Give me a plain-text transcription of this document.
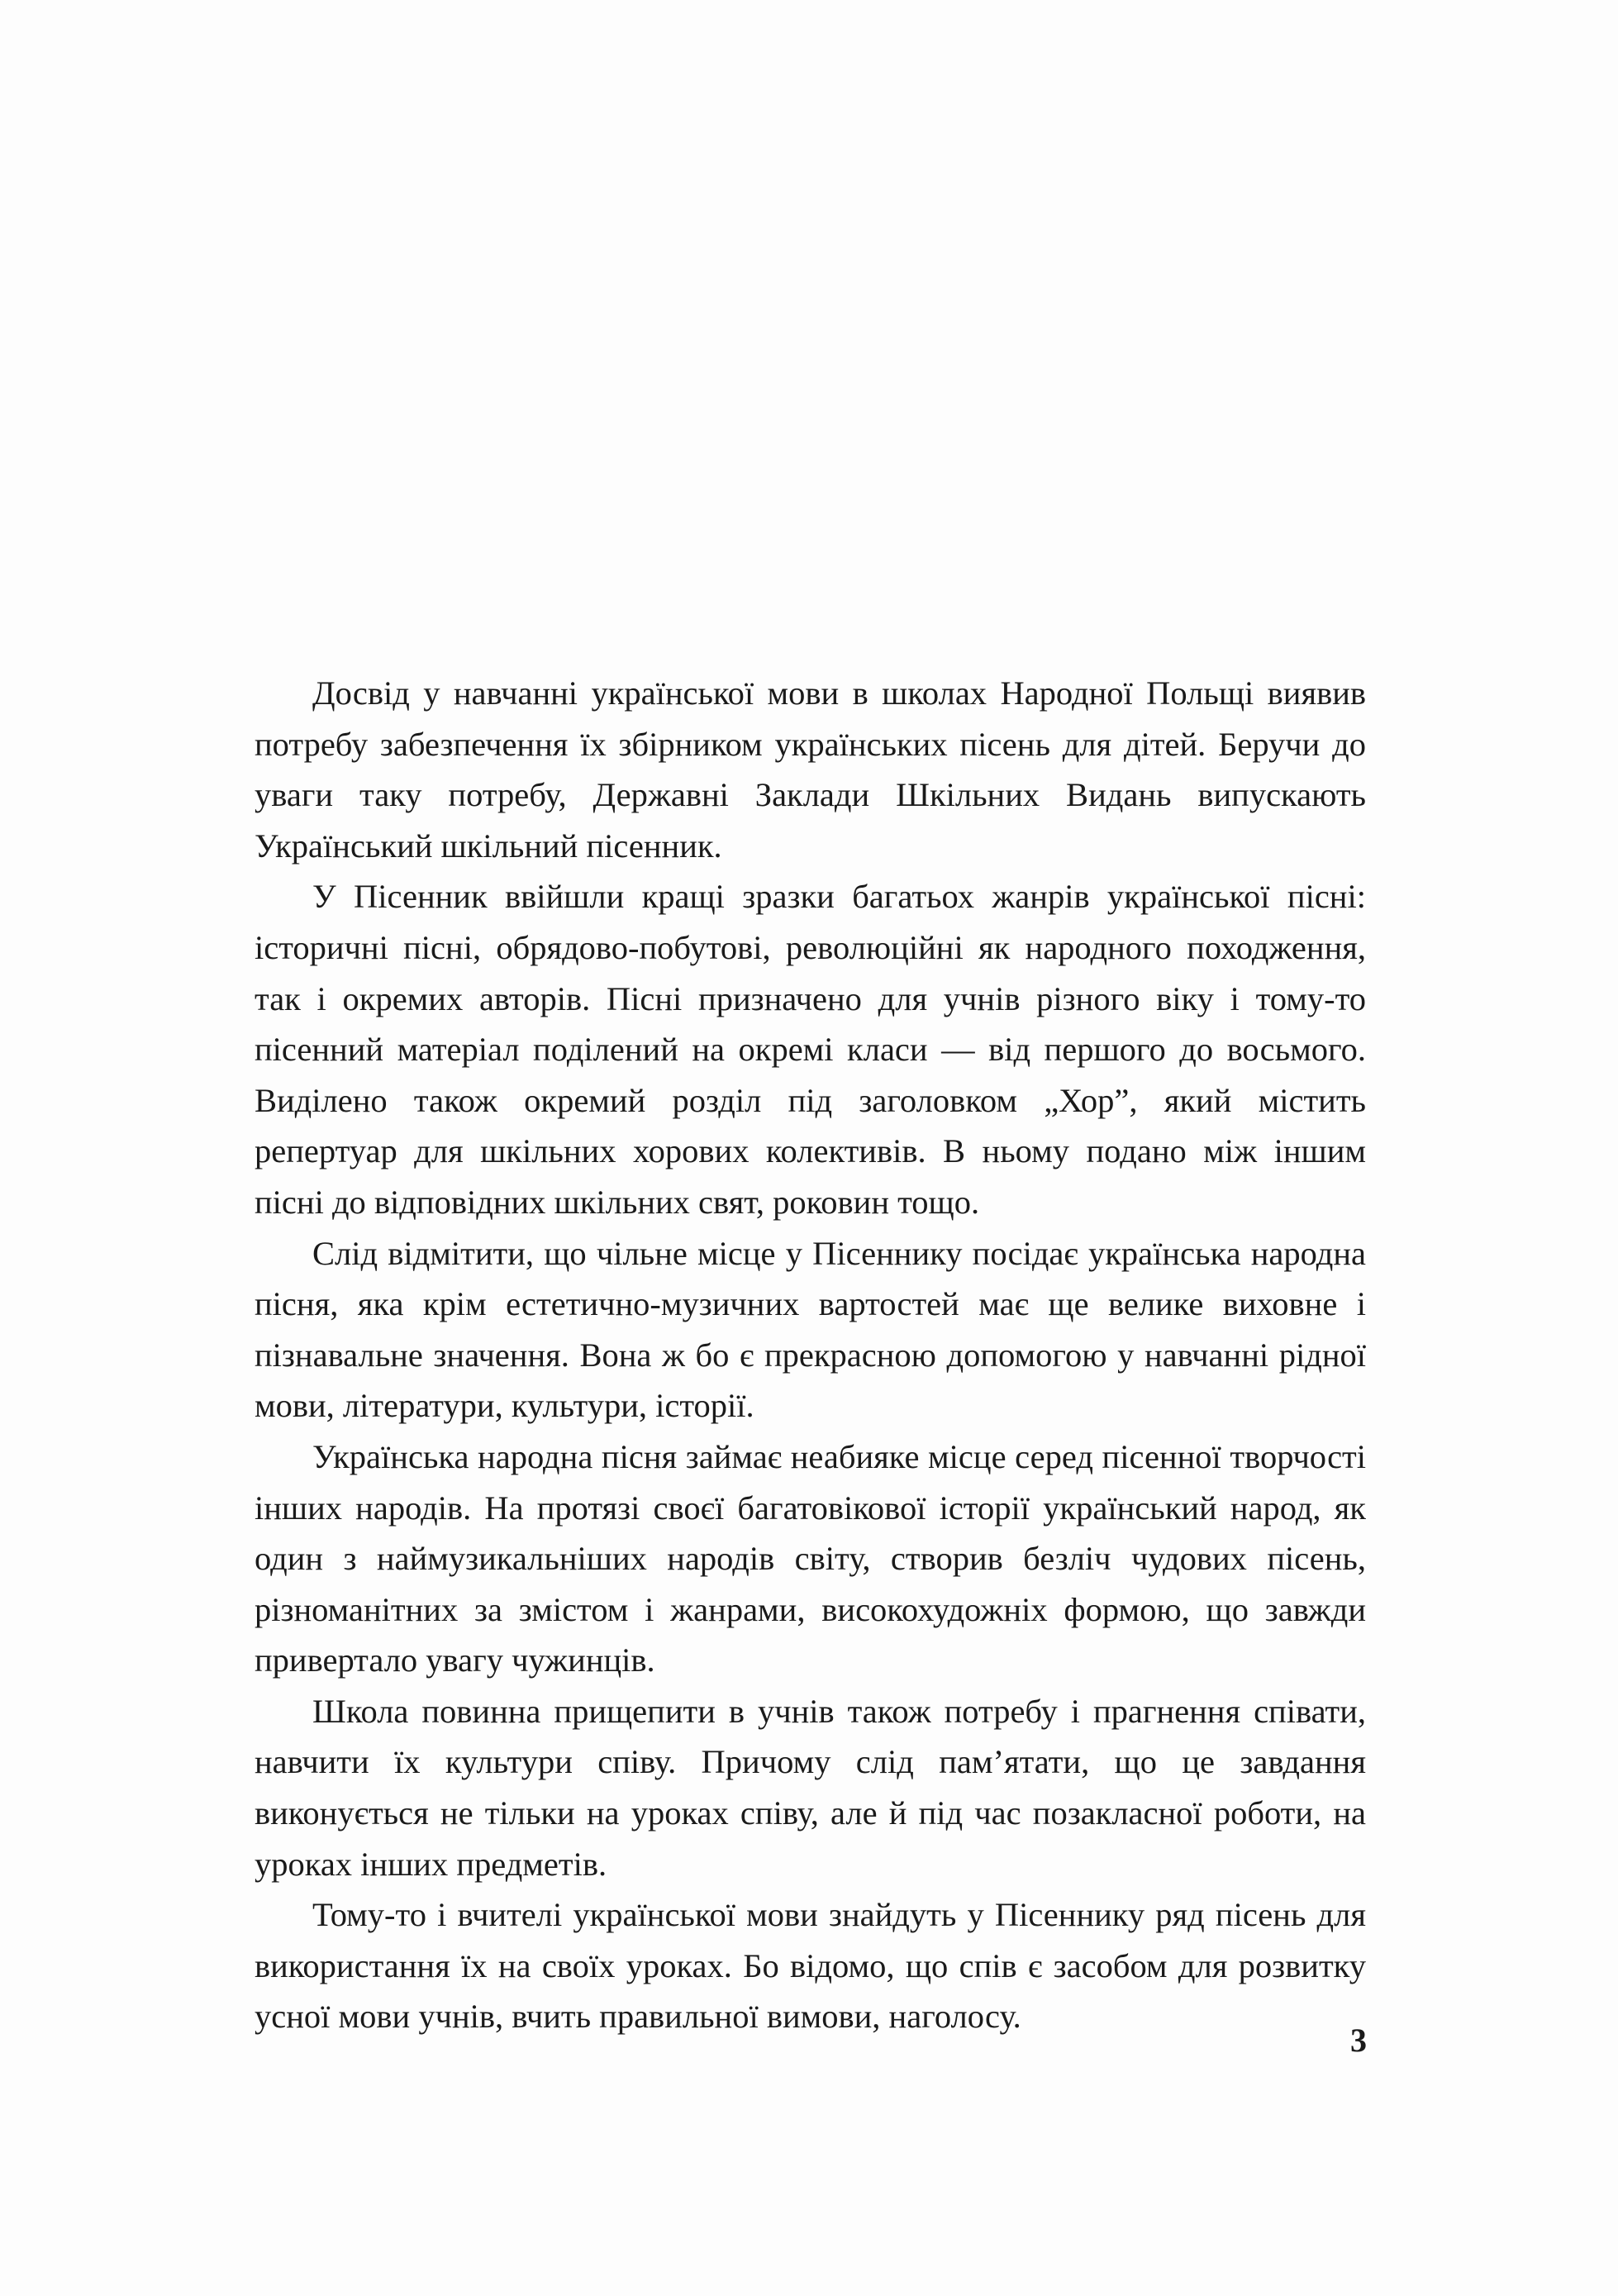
Досвід у навчанні української мови в школах Народної Польщі виявив потребу забезпечення їх збірником українських пісень для дітей. Беручи до уваги таку потребу, Державні Заклади Шкільних Видань випускають Український шкільний пісенник.

У Пісенник ввійшли кращі зразки багатьох жанрів української пісні: історичні пісні, обрядово-побутові, революційні як народного походження, так і окремих авторів. Пісні призначено для учнів різного віку і тому-то пісенний матеріал поділений на окремі класи — від першого до восьмого. Виділено також окремий розділ під заголовком „Хор”, який містить репертуар для шкільних хорових колективів. В ньому подано між іншим пісні до відповідних шкільних свят, роковин тощо.

Слід відмітити, що чільне місце у Пісеннику посідає українська народна пісня, яка крім естетично-музичних вартостей має ще велике виховне і пізнавальне значення. Вона ж бо є прекрасною допомогою у навчанні рідної мови, літератури, культури, історії.

Українська народна пісня займає неабияке місце серед пісенної творчості інших народів. На протязі своєї багатовікової історії український народ, як один з наймузикальніших народів світу, створив безліч чудових пісень, різноманітних за змістом і жанрами, високохудожніх формою, що завжди привертало увагу чужинців.

Школа повинна прищепити в учнів також потребу і прагнення співати, навчити їх культури співу. Причому слід пам’ятати, що це завдання виконується не тільки на уроках співу, але й під час позакласної роботи, на уроках інших предметів.

Тому-то і вчителі української мови знайдуть у Пісеннику ряд пісень для використання їх на своїх уроках. Бо відомо, що спів є засобом для розвитку усної мови учнів, вчить правильної вимови, наголосу.

3
